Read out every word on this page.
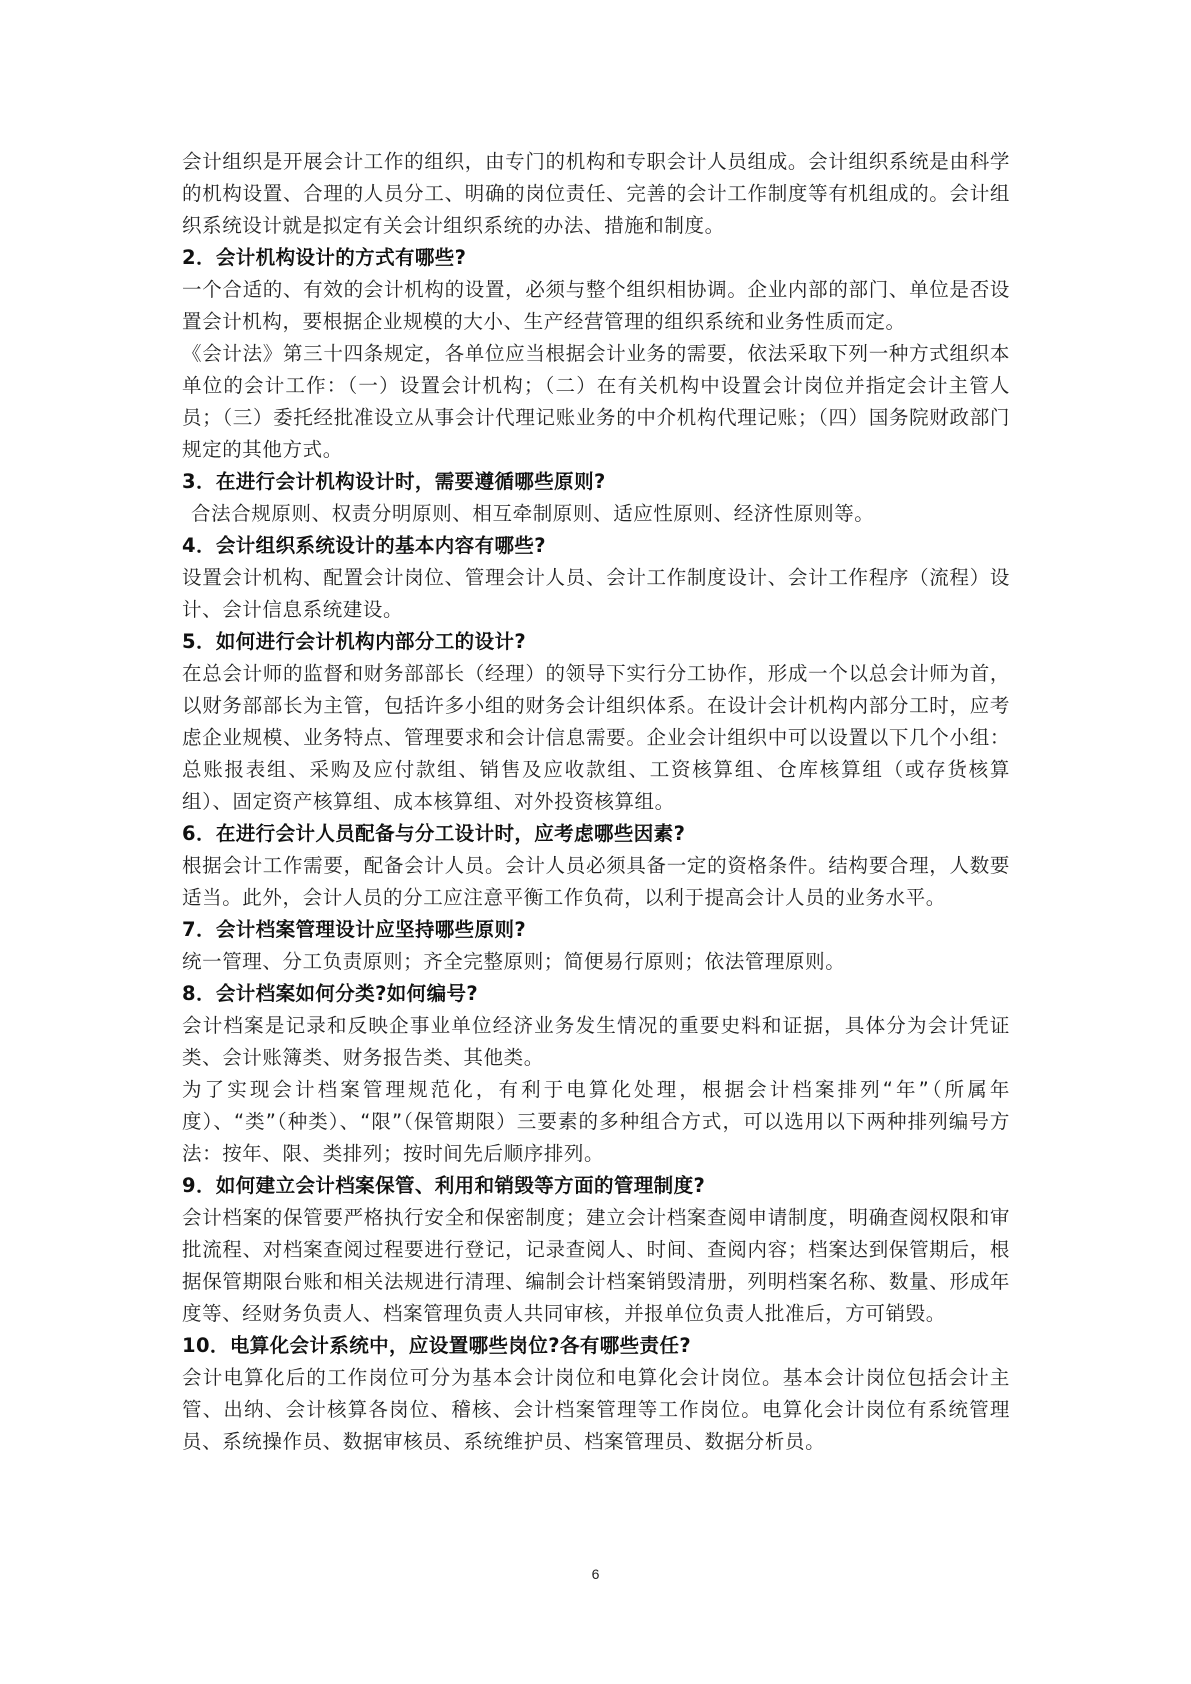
会计组织是开展会计工作的组织，由专门的机构和专职会计人员组成。会计组织系统是由科学的机构设置、合理的人员分工、明确的岗位责任、完善的会计工作制度等有机组成的。会计组织系统设计就是拟定有关会计组织系统的办法、措施和制度。

2．会计机构设计的方式有哪些?

一个合适的、有效的会计机构的设置，必须与整个组织相协调。企业内部的部门、单位是否设置会计机构，要根据企业规模的大小、生产经营管理的组织系统和业务性质而定。

《会计法》第三十四条规定，各单位应当根据会计业务的需要，依法采取下列一种方式组织本单位的会计工作：（一）设置会计机构；（二）在有关机构中设置会计岗位并指定会计主管人员；（三）委托经批准设立从事会计代理记账业务的中介机构代理记账；（四）国务院财政部门规定的其他方式。

3．在进行会计机构设计时，需要遵循哪些原则?

合法合规原则、权责分明原则、相互牵制原则、适应性原则、经济性原则等。

4．会计组织系统设计的基本内容有哪些?

设置会计机构、配置会计岗位、管理会计人员、会计工作制度设计、会计工作程序（流程）设计、会计信息系统建设。

5．如何进行会计机构内部分工的设计?

在总会计师的监督和财务部部长（经理）的领导下实行分工协作，形成一个以总会计师为首，以财务部部长为主管，包括许多小组的财务会计组织体系。在设计会计机构内部分工时，应考虑企业规模、业务特点、管理要求和会计信息需要。企业会计组织中可以设置以下几个小组：总账报表组、采购及应付款组、销售及应收款组、工资核算组、仓库核算组（或存货核算组）、固定资产核算组、成本核算组、对外投资核算组。

6．在进行会计人员配备与分工设计时，应考虑哪些因素?

根据会计工作需要，配备会计人员。会计人员必须具备一定的资格条件。结构要合理，人数要适当。此外，会计人员的分工应注意平衡工作负荷，以利于提高会计人员的业务水平。

7．会计档案管理设计应坚持哪些原则?

统一管理、分工负责原则；齐全完整原则；简便易行原则；依法管理原则。

8．会计档案如何分类?如何编号?

会计档案是记录和反映企事业单位经济业务发生情况的重要史料和证据，具体分为会计凭证类、会计账簿类、财务报告类、其他类。

为了实现会计档案管理规范化，有利于电算化处理，根据会计档案排列“年”（所属年度）、“类”（种类）、“限”（保管期限）三要素的多种组合方式，可以选用以下两种排列编号方法：按年、限、类排列；按时间先后顺序排列。

9．如何建立会计档案保管、利用和销毁等方面的管理制度?

会计档案的保管要严格执行安全和保密制度；建立会计档案查阅申请制度，明确查阅权限和审批流程、对档案查阅过程要进行登记，记录查阅人、时间、查阅内容；档案达到保管期后，根据保管期限台账和相关法规进行清理、编制会计档案销毁清册，列明档案名称、数量、形成年度等、经财务负责人、档案管理负责人共同审核，并报单位负责人批准后，方可销毁。

10．电算化会计系统中，应设置哪些岗位?各有哪些责任?

会计电算化后的工作岗位可分为基本会计岗位和电算化会计岗位。基本会计岗位包括会计主管、出纳、会计核算各岗位、稽核、会计档案管理等工作岗位。电算化会计岗位有系统管理员、系统操作员、数据审核员、系统维护员、档案管理员、数据分析员。

6
